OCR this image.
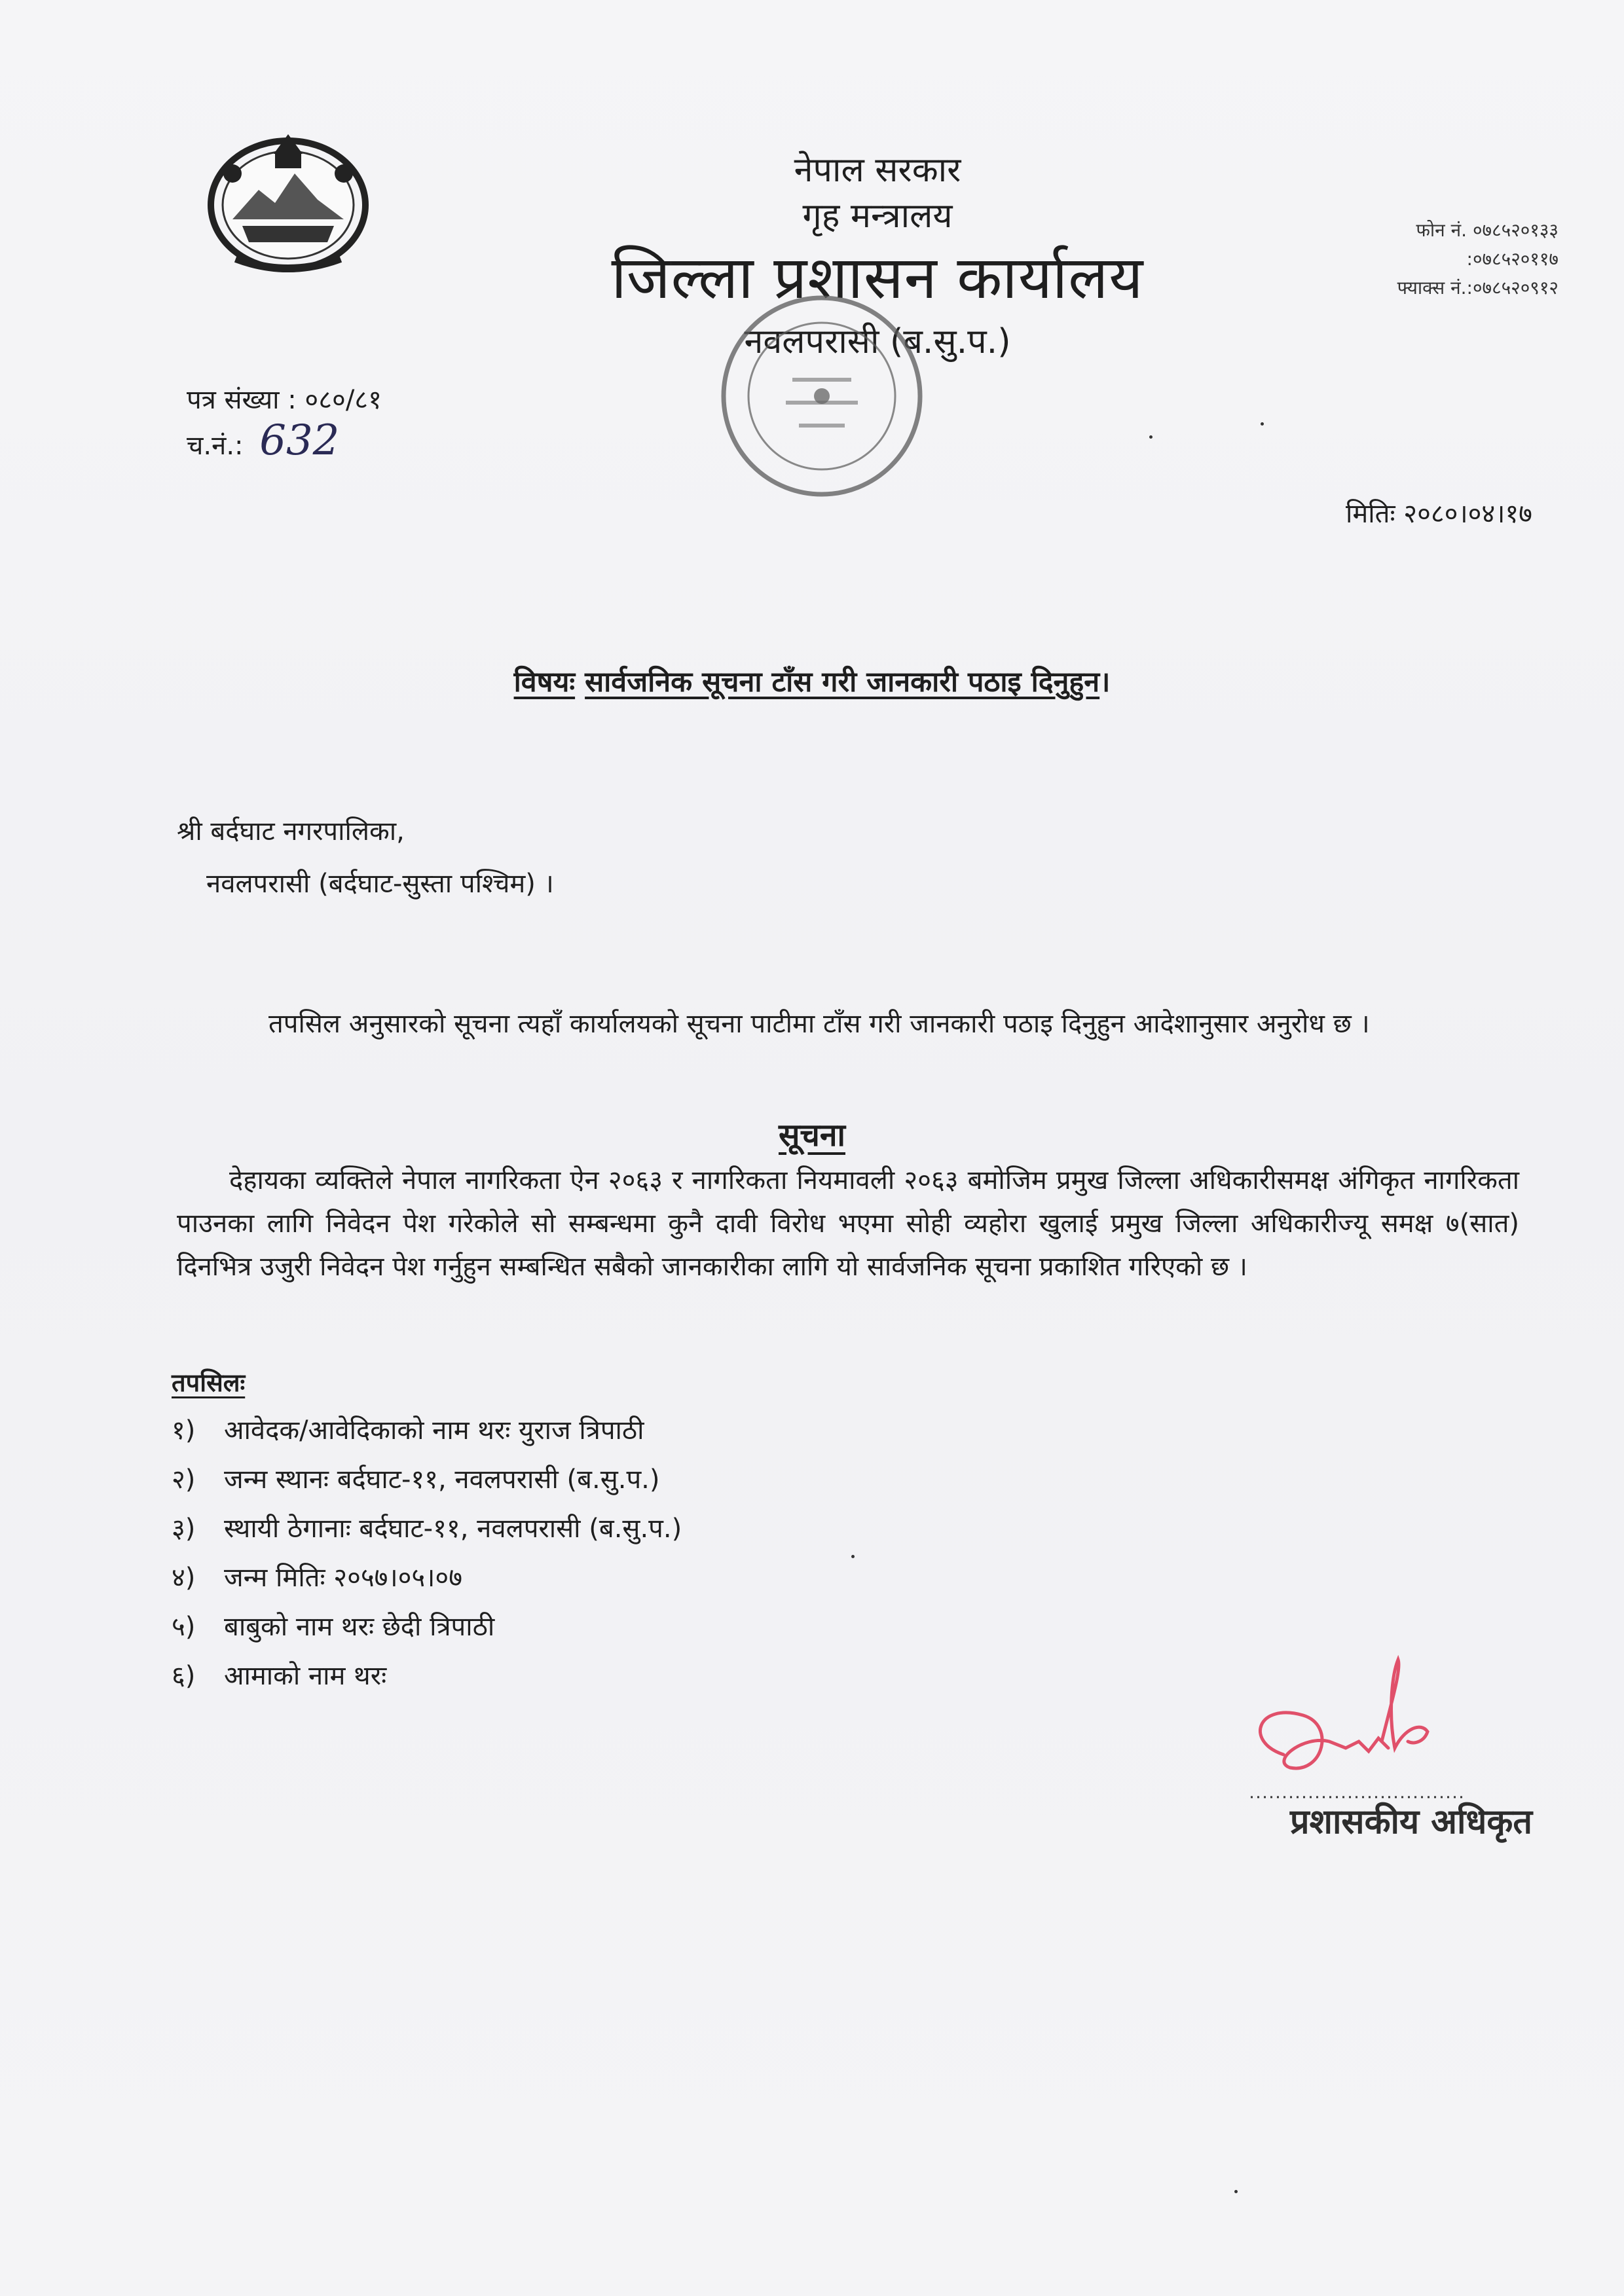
नेपाल सरकार
गृह मन्त्रालय
जिल्ला प्रशासन कार्यालय
नवलपरासी (ब.सु.प.)
फोन नं. ०७८५२०१३३
:०७८५२०११७
फ्याक्स नं.:०७८५२०९१२
पत्र संख्या : ०८०/८१
च.नं.: 632
मितिः २०८०।०४।१७
विषयः सार्वजनिक सूचना टाँस गरी जानकारी पठाइ दिनुहुन।
श्री बर्दघाट नगरपालिका,
नवलपरासी (बर्दघाट-सुस्ता पश्चिम) ।
तपसिल अनुसारको सूचना त्यहाँ कार्यालयको सूचना पाटीमा टाँस गरी जानकारी पठाइ दिनुहुन आदेशानुसार अनुरोध छ ।
सूचना
देहायका व्यक्तिले नेपाल नागरिकता ऐन २०६३ र नागरिकता नियमावली २०६३ बमोजिम प्रमुख जिल्ला अधिकारीसमक्ष अंगिकृत नागरिकता पाउनका लागि निवेदन पेश गरेकोले सो सम्बन्धमा कुनै दावी विरोध भएमा सोही व्यहोरा खुलाई प्रमुख जिल्ला अधिकारीज्यू समक्ष ७(सात) दिनभित्र उजुरी निवेदन पेश गर्नुहुन सम्बन्धित सबैको जानकारीका लागि यो सार्वजनिक सूचना प्रकाशित गरिएको छ ।
तपसिलः
१)	आवेदक/आवेदिकाको नाम थरः युराज त्रिपाठी
२)	जन्म स्थानः बर्दघाट-११, नवलपरासी (ब.सु.प.)
३)	स्थायी ठेगानाः बर्दघाट-११, नवलपरासी (ब.सु.प.)
४)	जन्म मितिः २०५७।०५।०७
५)	बाबुको नाम थरः छेदी त्रिपाठी
६)	आमाको नाम थरः
प्रशासकीय अधिकृत
